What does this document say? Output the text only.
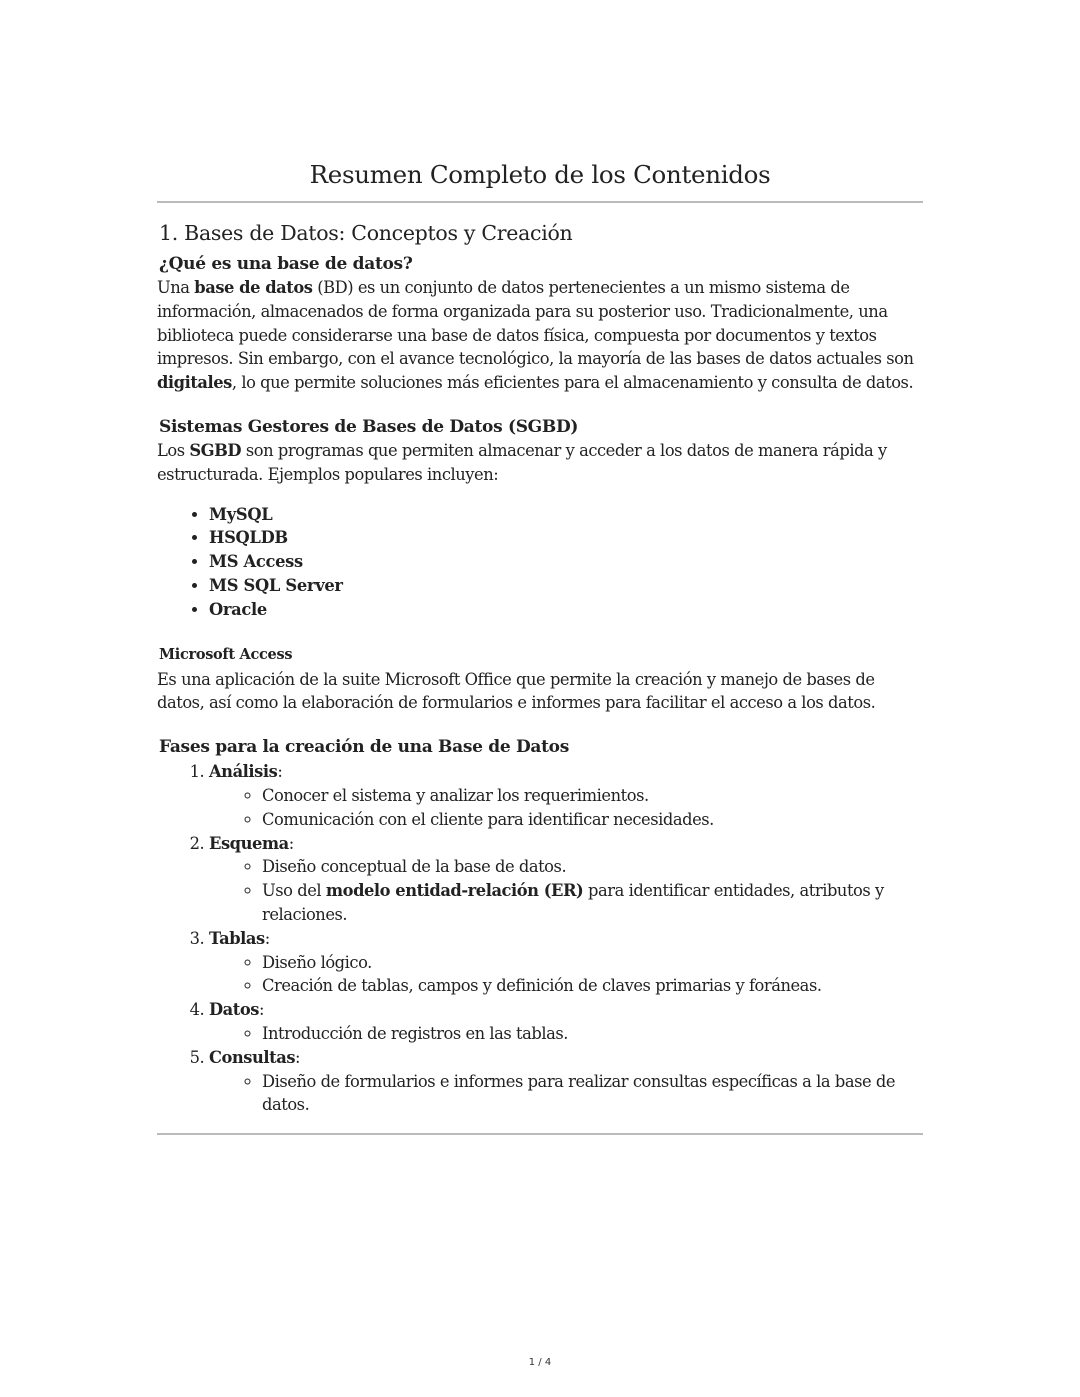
Resumen Completo de los Contenidos
1. Bases de Datos: Conceptos y Creación
¿Qué es una base de datos?

Una base de datos (BD) es un conjunto de datos pertenecientes a un mismo sistema de información, almacenados de forma organizada para su posterior uso. Tradicionalmente, una biblioteca puede considerarse una base de datos física, compuesta por documentos y textos impresos. Sin embargo, con el avance tecnológico, la mayoría de las bases de datos actuales son digitales, lo que permite soluciones más eficientes para el almacenamiento y consulta de datos.

Sistemas Gestores de Bases de Datos (SGBD)

Los SGBD son programas que permiten almacenar y acceder a los datos de manera rápida y estructurada. Ejemplos populares incluyen:

• MySQL
• HSQLDB
• MS Access
• MS SQL Server
• Oracle
Microsoft Access

Es una aplicación de la suite Microsoft Office que permite la creación y manejo de bases de datos, así como la elaboración de formularios e informes para facilitar el acceso a los datos.

Fases para la creación de una Base de Datos
1. Análisis:
◦ Conocer el sistema y analizar los requerimientos.
◦ Comunicación con el cliente para identificar necesidades.
2. Esquema:
◦ Diseño conceptual de la base de datos.
◦ Uso del modelo entidad-relación (ER) para identificar entidades, atributos y relaciones.
3. Tablas:
◦ Diseño lógico.
◦ Creación de tablas, campos y definición de claves primarias y foráneas.
4. Datos:
◦ Introducción de registros en las tablas.
5. Consultas:
◦ Diseño de formularios e informes para realizar consultas específicas a la base de datos.
1 / 4
